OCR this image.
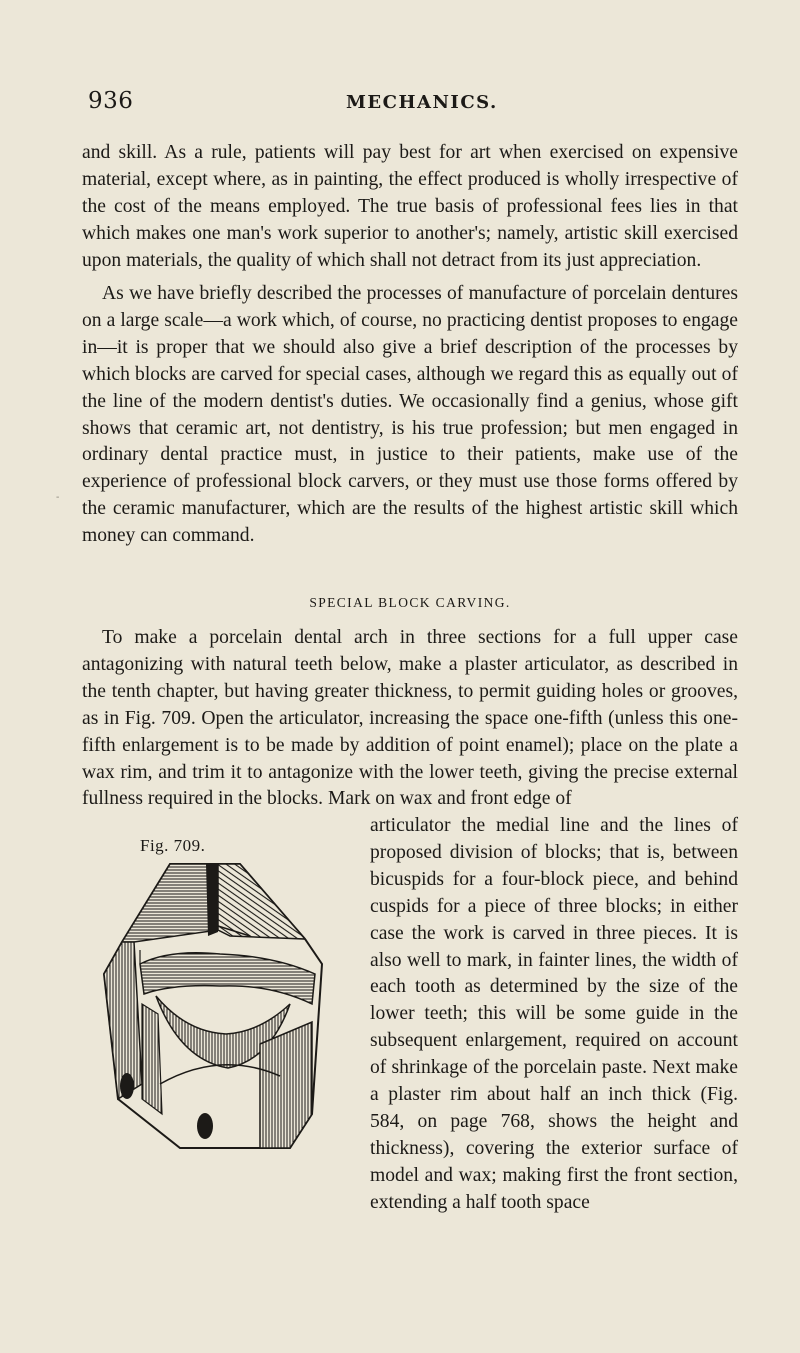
936	MECHANICS.

and skill. As a rule, patients will pay best for art when exercised on expensive material, except where, as in painting, the effect produced is wholly irrespective of the cost of the means employed. The true basis of professional fees lies in that which makes one man's work superior to another's; namely, artistic skill exercised upon materials, the quality of which shall not detract from its just appreciation.

As we have briefly described the processes of manufacture of porcelain dentures on a large scale—a work which, of course, no practicing dentist proposes to engage in—it is proper that we should also give a brief description of the processes by which blocks are carved for special cases, although we regard this as equally out of the line of the modern dentist's duties. We occasionally find a genius, whose gift shows that ceramic art, not dentistry, is his true profession; but men engaged in ordinary dental practice must, in justice to their patients, make use of the experience of professional block carvers, or they must use those forms offered by the ceramic manufacturer, which are the results of the highest artistic skill which money can command.

-
SPECIAL BLOCK CARVING.

To make a porcelain dental arch in three sections for a full upper case antagonizing with natural teeth below, make a plaster articulator, as described in the tenth chapter, but having greater thickness, to permit guiding holes or grooves, as in Fig. 709. Open the articulator, increasing the space one-fifth (unless this one-fifth enlargement is to be made by addition of point enamel); place on the plate a wax rim, and trim it to antagonize with the lower teeth, giving the precise external fullness required in the blocks. Mark on wax and front edge of

Fig. 709.

articulator the medial line and the lines of proposed division of blocks; that is, between bicuspids for a four-block piece, and behind cuspids for a piece of three blocks; in either case the work is carved in three pieces. It is also well to mark, in fainter lines, the width of each tooth as determined by the size of the lower teeth; this will be some guide in the subsequent enlargement, required on account of shrinkage of the porcelain paste. Next make a plaster rim about half an inch thick (Fig. 584, on page 768, shows the height and thickness), covering the exterior surface of model and wax; making first the front section, extending a half tooth space
